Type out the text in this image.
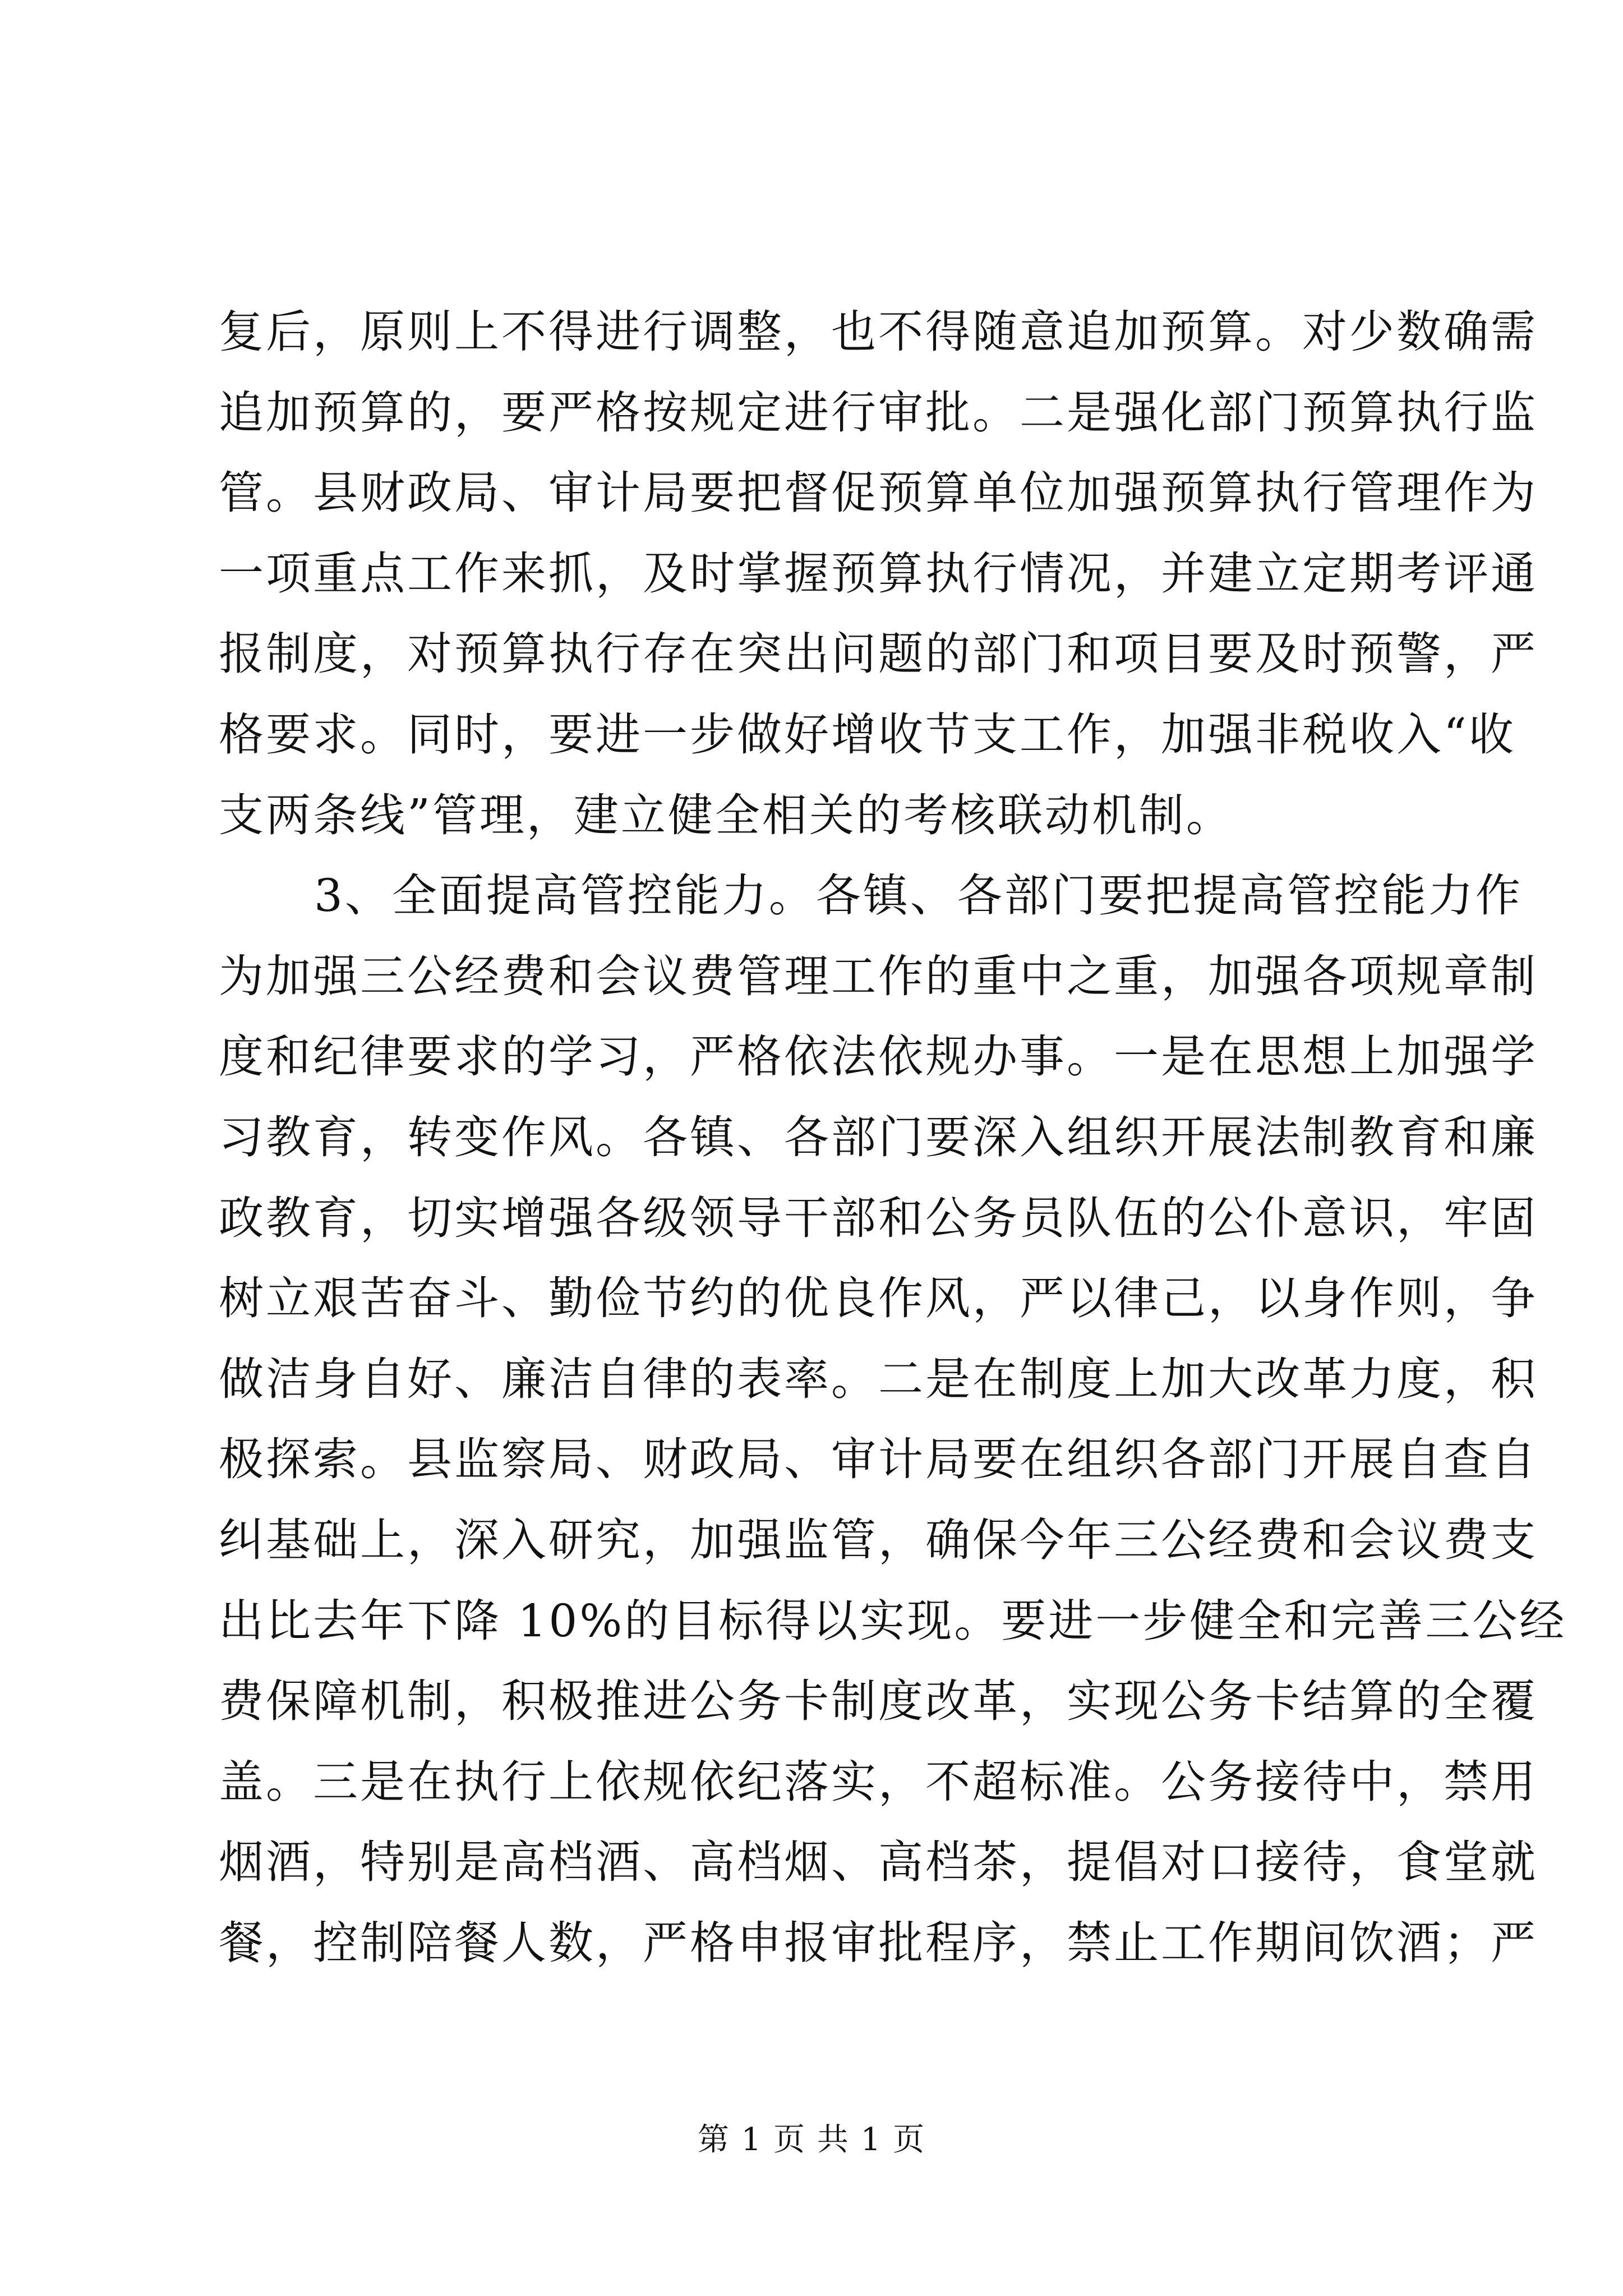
复后，原则上不得进行调整，也不得随意追加预算。对少数确需
追加预算的，要严格按规定进行审批。二是强化部门预算执行监
管。县财政局、审计局要把督促预算单位加强预算执行管理作为
一项重点工作来抓，及时掌握预算执行情况，并建立定期考评通
报制度，对预算执行存在突出问题的部门和项目要及时预警，严
格要求。同时，要进一步做好增收节支工作，加强非税收入“收
支两条线”管理，建立健全相关的考核联动机制。
3、全面提高管控能力。各镇、各部门要把提高管控能力作
为加强三公经费和会议费管理工作的重中之重，加强各项规章制
度和纪律要求的学习，严格依法依规办事。一是在思想上加强学
习教育，转变作风。各镇、各部门要深入组织开展法制教育和廉
政教育，切实增强各级领导干部和公务员队伍的公仆意识，牢固
树立艰苦奋斗、勤俭节约的优良作风，严以律己，以身作则，争
做洁身自好、廉洁自律的表率。二是在制度上加大改革力度，积
极探索。县监察局、财政局、审计局要在组织各部门开展自查自
纠基础上，深入研究，加强监管，确保今年三公经费和会议费支
出比去年下降 10%的目标得以实现。要进一步健全和完善三公经
费保障机制，积极推进公务卡制度改革，实现公务卡结算的全覆
盖。三是在执行上依规依纪落实，不超标准。公务接待中，禁用
烟酒，特别是高档酒、高档烟、高档茶，提倡对口接待，食堂就
餐，控制陪餐人数，严格申报审批程序，禁止工作期间饮酒；严
第 1 页 共 1 页
